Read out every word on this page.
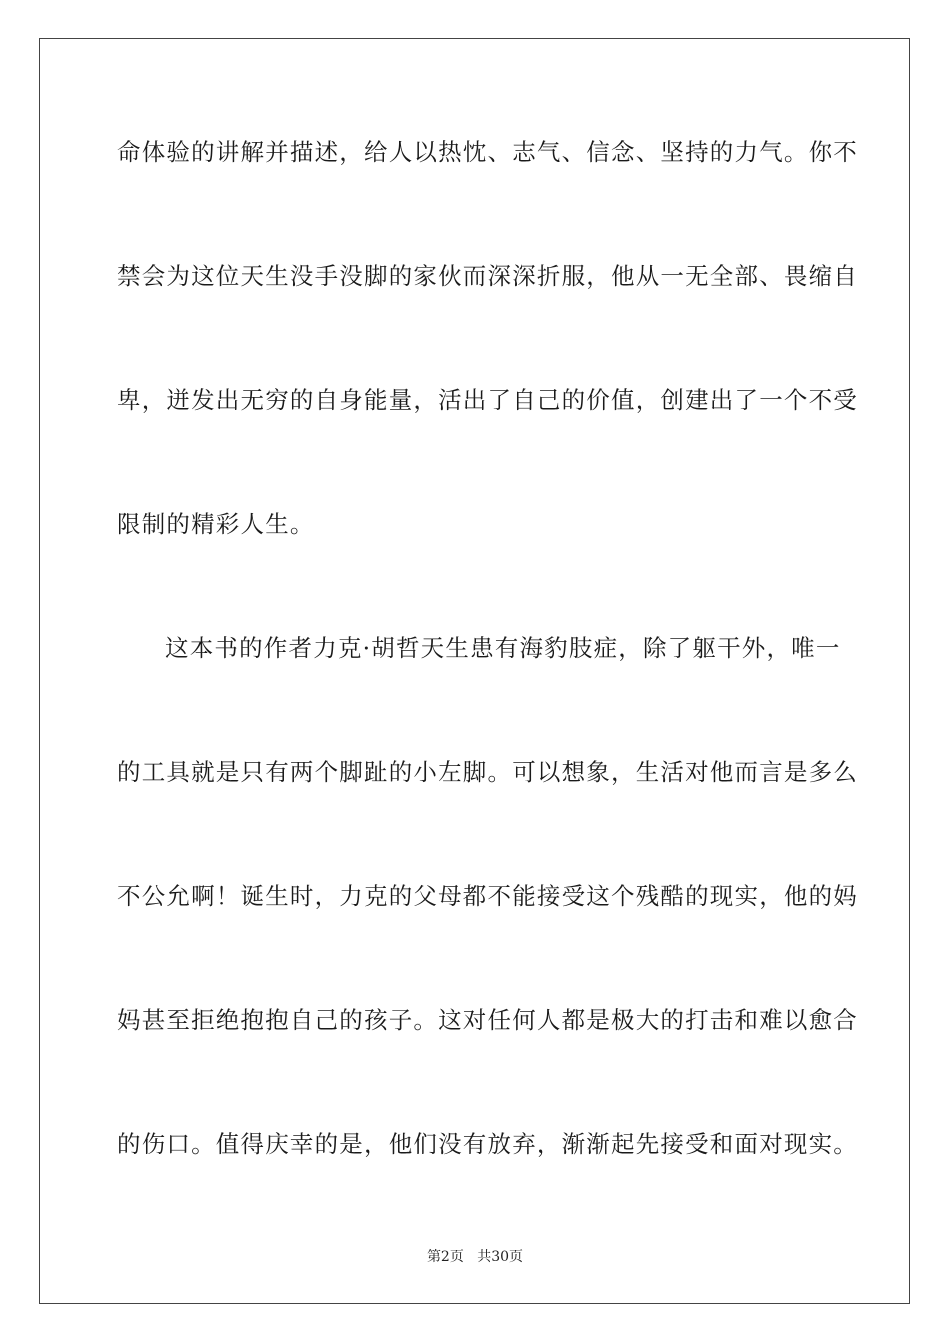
命体验的讲解并描述，给人以热忱、志气、信念、坚持的力气。你不
禁会为这位天生没手没脚的家伙而深深折服，他从一无全部、畏缩自
卑，迸发出无穷的自身能量，活出了自己的价值，创建出了一个不受
限制的精彩人生。
这本书的作者力克·胡哲天生患有海豹肢症，除了躯干外，唯一
的工具就是只有两个脚趾的小左脚。可以想象，生活对他而言是多么
不公允啊！诞生时，力克的父母都不能接受这个残酷的现实，他的妈
妈甚至拒绝抱抱自己的孩子。这对任何人都是极大的打击和难以愈合
的伤口。值得庆幸的是，他们没有放弃，渐渐起先接受和面对现实。
第2页 共30页
